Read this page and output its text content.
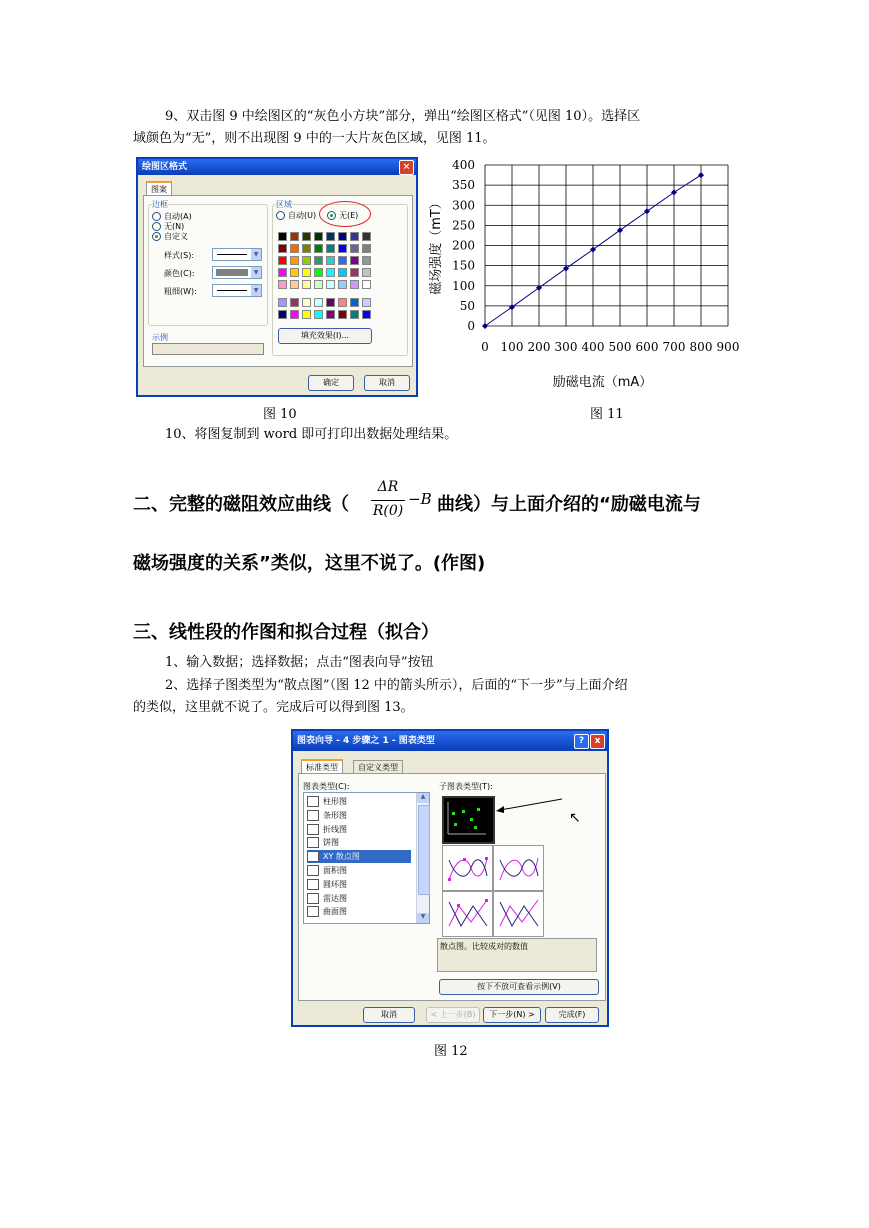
9、双击图 9 中绘图区的“灰色小方块”部分，弹出“绘图区格式”（见图 10）。选择区
域颜色为“无”，则不出现图 9 中的一大片灰色区域，见图 11。
绘图区格式	×
图案
边框
自动(A)
无(N)
自定义
样式(S):	▼
颜色(C):	▼
粗细(W):	▼
示例
区域
自动(U)	无(E)
填充效果(I)...
确定	取消
0 100 200 300 400 500 600 700 800 900
0
50
100
150
200
250
300
350
400
励磁电流（mA）
磁场强度（mT）
图 10	图 11
10、将图复制到 word 即可打印出数据处理结果。
二、完整的磁阻效应曲线（
ΔR
R(0)
−B 曲线）与上面介绍的“励磁电流与
磁场强度的关系”类似，这里不说了。(作图)
三、线性段的作图和拟合过程（拟合）
1、输入数据；选择数据；点击“图表向导”按钮
2、选择子图类型为“散点图”（图 12 中的箭头所示），后面的“下一步”与上面介绍
的类似，这里就不说了。完成后可以得到图 13。
图表向导 - 4 步骤之 1 - 图表类型	?	x
标准类型	自定义类型
图表类型(C):
柱形图
条形图
折线图
饼图
XY 散点图
面积图
圆环图
雷达图
曲面图
▲
▼
子图表类型(T):
↖
散点图。比较成对的数值
按下不放可查看示例(V)
取消	< 上一步(B)	下一步(N) >	完成(F)
图 12
